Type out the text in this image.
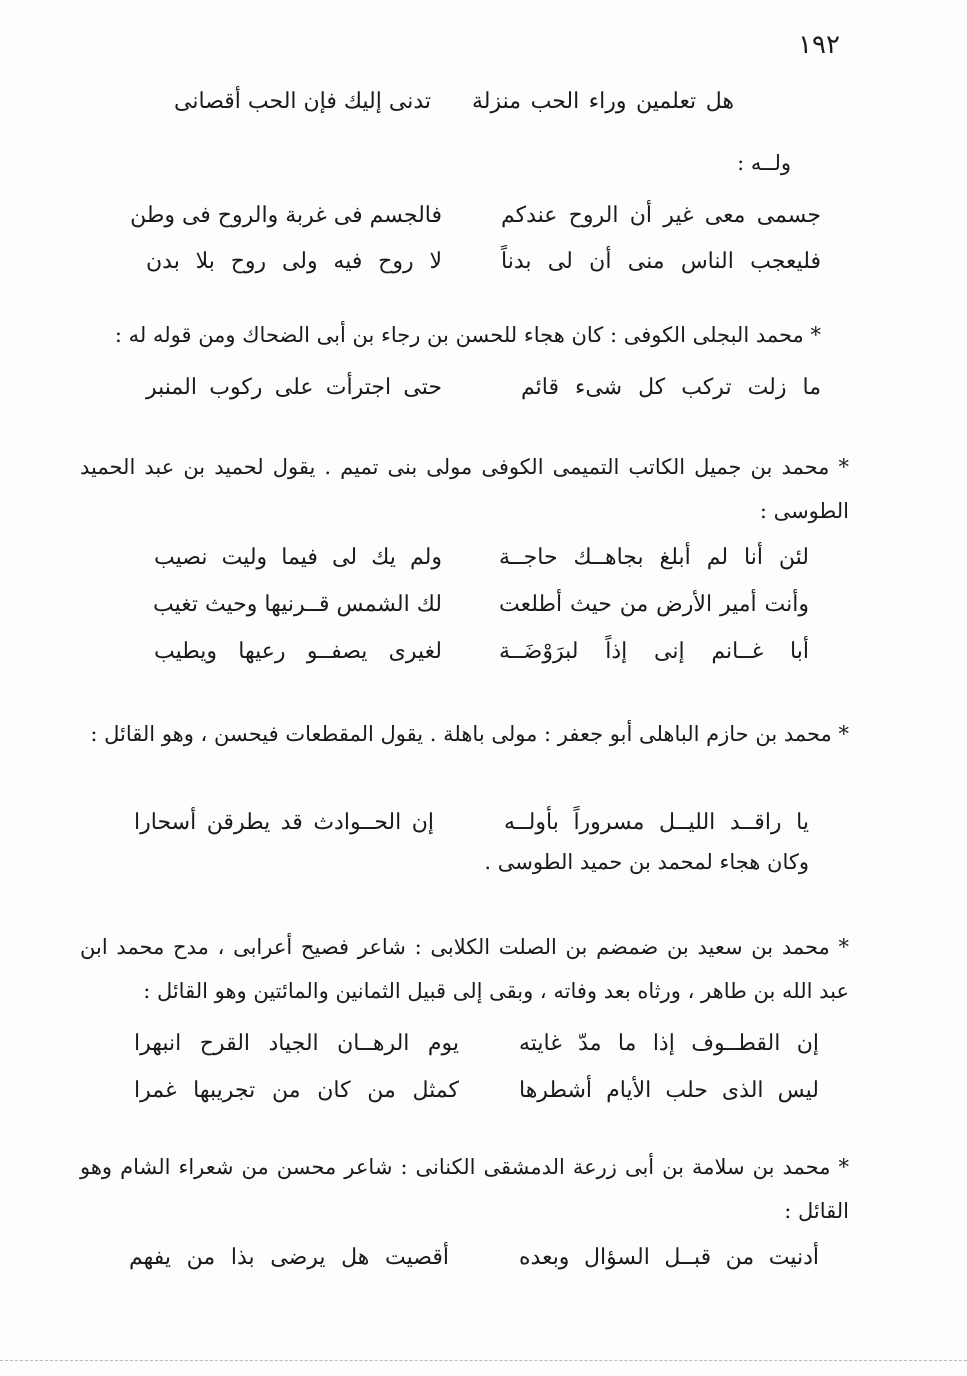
١٩٢
هل تعلمين وراء الحب منزلة
تدنى إليك فإن الحب أقصانى
ولــه :
جسمى معى غير أن الروح عندكم
فالجسم فى غربة والروح فى وطن
فليعجب الناس منى أن لى بدناً
لا روح فيه ولى روح بلا بدن
* محمد البجلى الكوفى : كان هجاء للحسن بن رجاء بن أبى الضحاك ومن قوله له :
ما زلت تركب كل شىء قائم
حتى اجترأت على ركوب المنبر
* محمد بن جميل الكاتب التميمى الكوفى مولى بنى تميم . يقول لحميد بن عبد الحميد الطوسى :
لئن أنا لم أبلغ بجاهــك حاجــة
ولم يك لى فيما وليت نصيب
وأنت أمير الأرض من حيث أطلعت
لك الشمس قــرنيها وحيث تغيب
أبا غــانم إنى إذاً لبرَوْضَــة
لغيرى يصفــو رعيها ويطيب
* محمد بن حازم الباهلى أبو جعفر : مولى باهلة . يقول المقطعات فيحسن ، وهو القائل :
يا راقــد الليــل مسروراً بأولــه
إن الحــوادث قد يطرقن أسحارا
وكان هجاء لمحمد بن حميد الطوسى .
* محمد بن سعيد بن ضمضم بن الصلت الكلابى : شاعر فصيح أعرابى ، مدح محمد ابن عبد الله بن طاهر ، ورثاه بعد وفاته ، وبقى إلى قبيل الثمانين والمائتين وهو القائل :
إن القطــوف إذا ما مدّ غايته
يوم الرهــان الجياد القرح انبهرا
ليس الذى حلب الأيام أشطرها
كمثل من كان من تجريبها غمرا
* محمد بن سلامة بن أبى زرعة الدمشقى الكنانى : شاعر محسن من شعراء الشام وهو القائل :
أدنيت من قبــل السؤال وبعده
أقصيت هل يرضى بذا من يفهم
